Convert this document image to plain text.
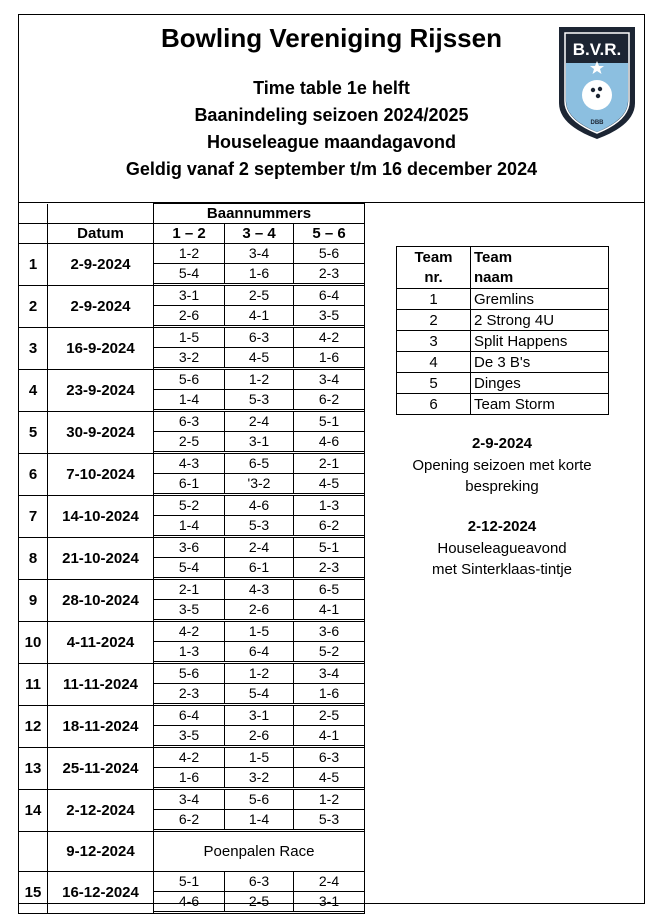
Bowling Vereniging Rijssen

Time table 1e helft

Baanindeling seizoen 2024/2025

Houseleague maandagavond

Geldig vanaf 2 september t/m 16 december 2024

B.V.R.
DBB
		Baannummers		
	Datum	1 – 2	3 – 4	5 – 6
1	2-9-2024	1-2	3-4	5-6
		5-4	1-6	2-3

2	2-9-2024	3-1	2-5	6-4
		2-6	4-1	3-5

3	16-9-2024	1-5	6-3	4-2
		3-2	4-5	1-6

4	23-9-2024	5-6	1-2	3-4
		1-4	5-3	6-2

5	30-9-2024	6-3	2-4	5-1
		2-5	3-1	4-6

6	7-10-2024	4-3	6-5	2-1
		6-1	'3-2	4-5

7	14-10-2024	5-2	4-6	1-3
		1-4	5-3	6-2

8	21-10-2024	3-6	2-4	5-1
		5-4	6-1	2-3

9	28-10-2024	2-1	4-3	6-5
		3-5	2-6	4-1

10	4-11-2024	4-2	1-5	3-6
		1-3	6-4	5-2

11	11-11-2024	5-6	1-2	3-4
		2-3	5-4	1-6

12	18-11-2024	6-4	3-1	2-5
		3-5	2-6	4-1

13	25-11-2024	4-2	1-5	6-3
		1-6	3-2	4-5

14	2-12-2024	3-4	5-6	1-2
		6-2	1-4	5-3

	9-12-2024	Poenpalen Race		
15	16-12-2024	5-1	6-3	2-4
		4-6	2-5	3-1

Team
nr.	Team
naam
1	Gremlins
2	2 Strong 4U
3	Split Happens
4	De 3 B's
5	Dinges
6	Team Storm

2-9-2024

Opening seizoen met korte

bespreking

2-12-2024

Houseleagueavond

met Sinterklaas-tintje
